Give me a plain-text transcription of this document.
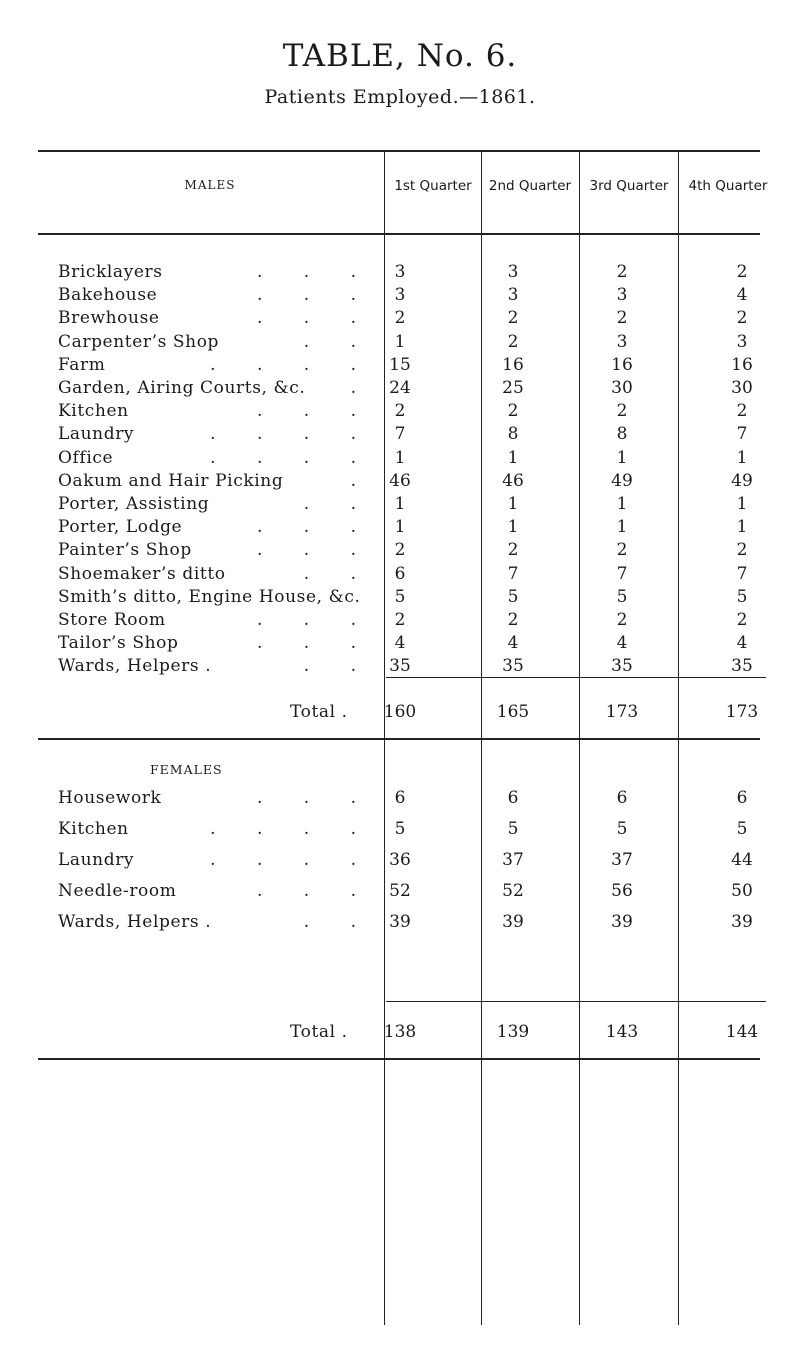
TABLE, No. 6.
Patients Employed.—1861.
MALES	1st Quarter	2nd Quarter	3rd Quarter	4th Quarter
Bricklayers	. . .	3	3	2	2
Bakehouse	. . .	3	3	3	4
Brewhouse	. . .	2	2	2	2
Carpenter’s Shop	. .	1	2	3	3
Farm	. . . . 15	16	16	16
Garden, Airing Courts, &c.	. 24	25	30	30
Kitchen	. . .	2	2	2	2
Laundry	. . . .	7	8	8	7
Office	. . . .	1	1	1	1
Oakum and Hair Picking	. 46	46	49	49
Porter, Assisting	. .	1	1	1	1
Porter, Lodge	. . .	1	1	1	1
Painter’s Shop	. . .	2	2	2	2
Shoemaker’s ditto	. .	6	7	7	7
Smith’s ditto, Engine House, &c.	5	5	5	5
Store Room	. . .	2	2	2	2
Tailor’s Shop	. . .	4	4	4	4
Wards, Helpers .	. . 35	35	35	35
Total .	160	165	173	173
FEMALES
Housework	. . .	6	6	6	6
Kitchen	. . . .	5	5	5	5
Laundry	. . . . 36	37	37	44
Needle-room	. . . 52	52	56	50
Wards, Helpers .	. . 39	39	39	39
Total .	138	139	143	144
